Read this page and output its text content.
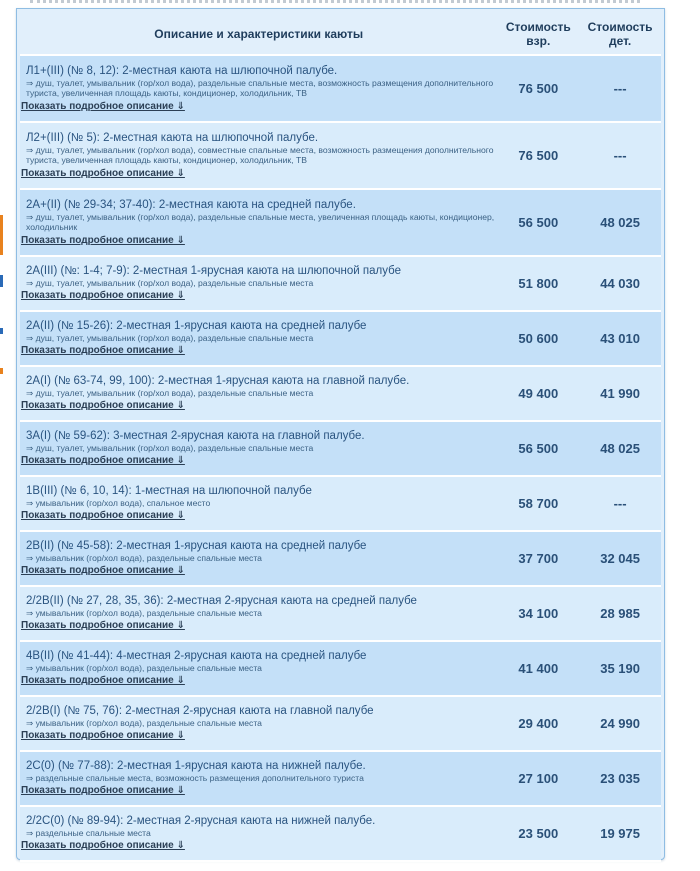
Описание и характеристики каюты	Стоимость взр.	Стоимость дет.

Л1+(III) (№ 8, 12): 2-местная каюта на шлюпочной палубе.
⇒ душ, туалет, умывальник (гор/хол вода), раздельные спальные места, возможность размещения дополнительного туриста, увеличенная площадь каюты, кондиционер, холодильник, ТВ
Показать подробное описание ⇓	76 500	---

Л2+(III) (№ 5): 2-местная каюта на шлюпочной палубе.
⇒ душ, туалет, умывальник (гор/хол вода), совместные спальные места, возможность размещения дополнительного туриста, увеличенная площадь каюты, кондиционер, холодильник, ТВ
Показать подробное описание ⇓	76 500	---

2А+(II) (№ 29-34; 37-40): 2-местная каюта на средней палубе.
⇒ душ, туалет, умывальник (гор/хол вода), раздельные спальные места, увеличенная площадь каюты, кондиционер, холодильник
Показать подробное описание ⇓	56 500	48 025

2А(III) (№: 1-4; 7-9): 2-местная 1-ярусная каюта на шлюпочной палубе
⇒ душ, туалет, умывальник (гор/хол вода), раздельные спальные места
Показать подробное описание ⇓	51 800	44 030

2А(II) (№ 15-26): 2-местная 1-ярусная каюта на средней палубе
⇒ душ, туалет, умывальник (гор/хол вода), раздельные спальные места
Показать подробное описание ⇓	50 600	43 010

2А(I) (№ 63-74, 99, 100): 2-местная 1-ярусная каюта на главной палубе.
⇒ душ, туалет, умывальник (гор/хол вода), раздельные спальные места
Показать подробное описание ⇓	49 400	41 990

3А(I) (№ 59-62): 3-местная 2-ярусная каюта на главной палубе.
⇒ душ, туалет, умывальник (гор/хол вода), раздельные спальные места
Показать подробное описание ⇓	56 500	48 025

1В(III) (№ 6, 10, 14): 1-местная на шлюпочной палубе
⇒ умывальник (гор/хол вода), спальное место
Показать подробное описание ⇓	58 700	---

2В(II) (№ 45-58): 2-местная 1-ярусная каюта на средней палубе
⇒ умывальник (гор/хол вода), раздельные спальные места
Показать подробное описание ⇓	37 700	32 045

2/2В(II) (№ 27, 28, 35, 36): 2-местная 2-ярусная каюта на средней палубе
⇒ умывальник (гор/хол вода), раздельные спальные места
Показать подробное описание ⇓	34 100	28 985

4В(II) (№ 41-44): 4-местная 2-ярусная каюта на средней палубе
⇒ умывальник (гор/хол вода), раздельные спальные места
Показать подробное описание ⇓	41 400	35 190

2/2В(I) (№ 75, 76): 2-местная 2-ярусная каюта на главной палубе
⇒ умывальник (гор/хол вода), раздельные спальные места
Показать подробное описание ⇓	29 400	24 990

2С(0) (№ 77-88): 2-местная 1-ярусная каюта на нижней палубе.
⇒ раздельные спальные места, возможность размещения дополнительного туриста
Показать подробное описание ⇓	27 100	23 035

2/2С(0) (№ 89-94): 2-местная 2-ярусная каюта на нижней палубе.
⇒ раздельные спальные места
Показать подробное описание ⇓	23 500	19 975
